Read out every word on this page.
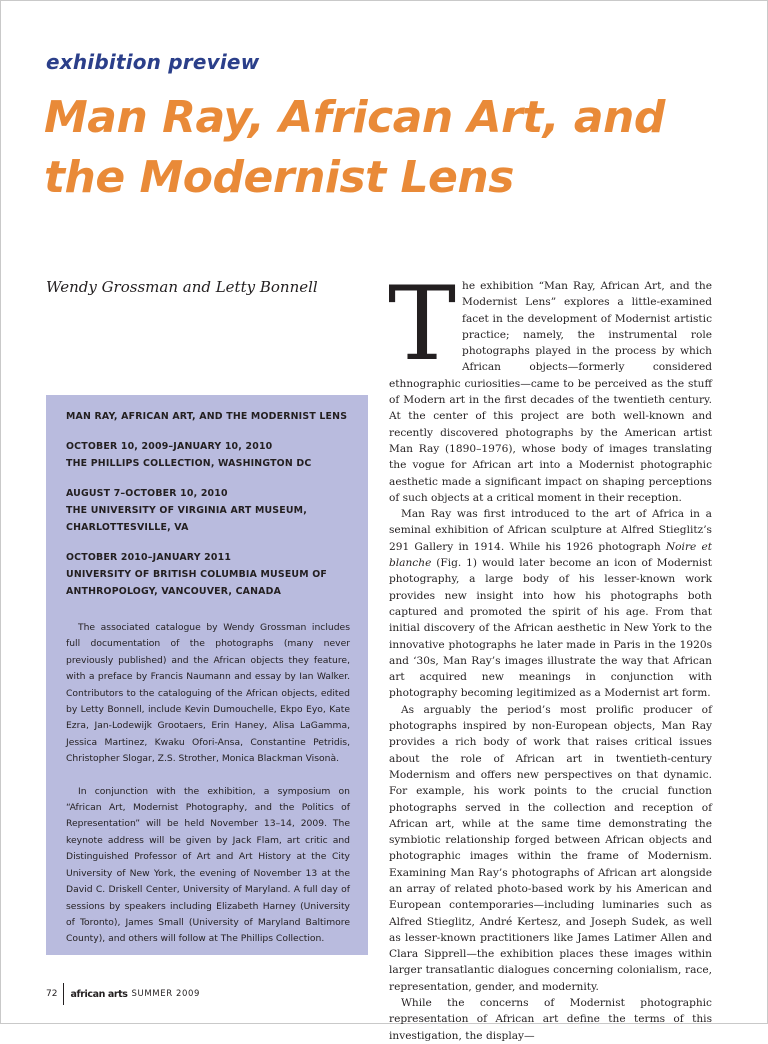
exhibition preview
Man Ray, African Art, and the Modernist Lens
Wendy Grossman and Letty Bonnell
MAN RAY, AFRICAN ART, AND THE MODERNIST LENS
OCTOBER 10, 2009–JANUARY 10, 2010
THE PHILLIPS COLLECTION, WASHINGTON DC
AUGUST 7–OCTOBER 10, 2010
THE UNIVERSITY OF VIRGINIA ART MUSEUM,
CHARLOTTESVILLE, VA
OCTOBER 2010–JANUARY 2011
UNIVERSITY OF BRITISH COLUMBIA MUSEUM OF
ANTHROPOLOGY, VANCOUVER, CANADA

The associated catalogue by Wendy Grossman includes full documentation of the photographs (many never previously published) and the African objects they feature, with a preface by Francis Naumann and essay by Ian Walker. Contributors to the cataloguing of the African objects, edited by Letty Bonnell, include Kevin Dumouchelle, Ekpo Eyo, Kate Ezra, Jan-Lodewijk Grootaers, Erin Haney, Alisa LaGamma, Jessica Martinez, Kwaku Ofori-Ansa, Constantine Petridis, Christopher Slogar, Z.S. Strother, Monica Blackman Visonà.

In conjunction with the exhibition, a symposium on “African Art, Modernist Photography, and the Politics of Representation” will be held November 13–14, 2009. The keynote address will be given by Jack Flam, art critic and Distinguished Professor of Art and Art History at the City University of New York, the evening of November 13 at the David C. Driskell Center, University of Maryland. A full day of sessions by speakers including Elizabeth Harney (University of Toronto), James Small (University of Maryland Baltimore County), and others will follow at The Phillips Collection.

The exhibition “Man Ray, African Art, and the Modernist Lens” explores a little-examined facet in the development of Modernist artistic practice; namely, the instrumental role photographs played in the process by which African objects—formerly considered ethnographic curiosities—came to be perceived as the stuff of Modern art in the first decades of the twentieth century. At the center of this project are both well-known and recently discovered photographs by the American artist Man Ray (1890–1976), whose body of images translating the vogue for African art into a Modernist photographic aesthetic made a significant impact on shaping perceptions of such objects at a critical moment in their reception.

Man Ray was first introduced to the art of Africa in a seminal exhibition of African sculpture at Alfred Stieglitz’s 291 Gallery in 1914. While his 1926 photograph Noire et blanche (Fig. 1) would later become an icon of Modernist photography, a large body of his lesser-known work provides new insight into how his photographs both captured and promoted the spirit of his age. From that initial discovery of the African aesthetic in New York to the innovative photographs he later made in Paris in the 1920s and ‘30s, Man Ray’s images illustrate the way that African art acquired new meanings in conjunction with photography becoming legitimized as a Modernist art form.

As arguably the period’s most prolific producer of photographs inspired by non-European objects, Man Ray provides a rich body of work that raises critical issues about the role of African art in twentieth-century Modernism and offers new perspectives on that dynamic. For example, his work points to the crucial function photographs served in the collection and reception of African art, while at the same time demonstrating the symbiotic relationship forged between African objects and photographic images within the frame of Modernism. Examining Man Ray’s photographs of African art alongside an array of related photo-based work by his American and European contemporaries—including luminaries such as Alfred Stieglitz, André Kertesz, and Joseph Sudek, as well as lesser-known practitioners like James Latimer Allen and Clara Sipprell—the exhibition places these images within larger transatlantic dialogues concerning colonialism, race, representation, gender, and modernity.

While the concerns of Modernist photographic representation of African art define the terms of this investigation, the display—

72 african arts SUMMER 2009
